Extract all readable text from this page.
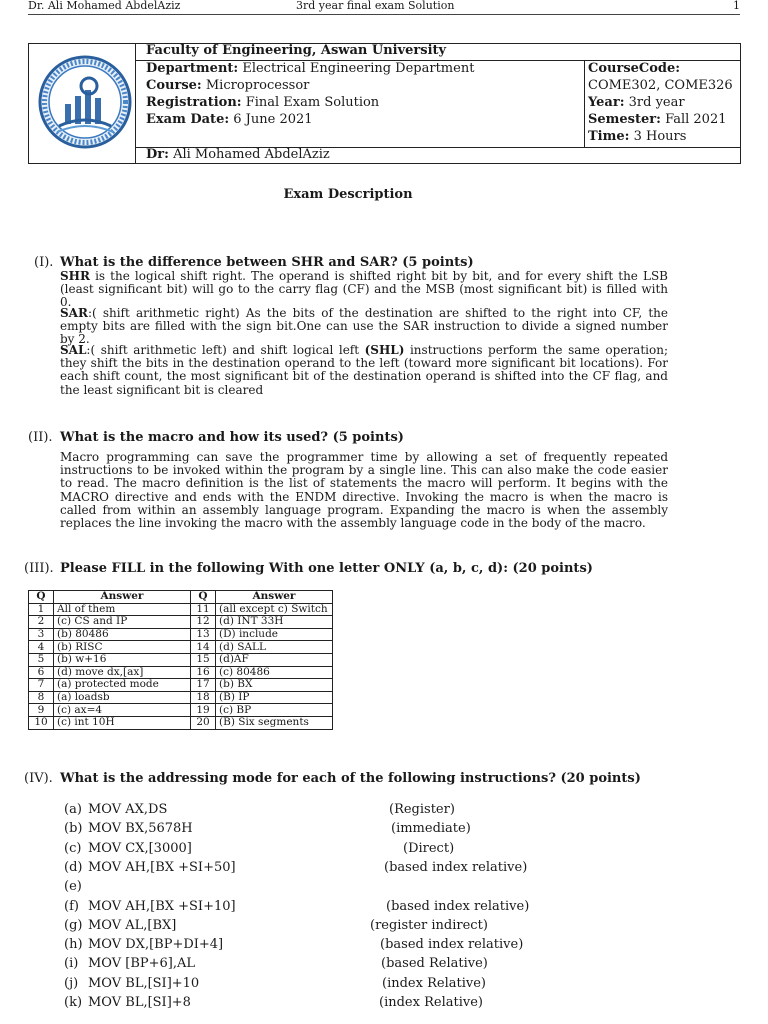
Dr. Ali Mohamed AbdelAziz	3rd year final exam Solution	1
Faculty of Engineering, Aswan University
Department: Electrical Engineering Department
Course: Microprocessor
Registration: Final Exam Solution
Exam Date: 6 June 2021
Dr: Ali Mohamed AbdelAziz
CourseCode:
COME302, COME326
Year: 3rd year
Semester: Fall 2021
Time: 3 Hours
Exam Description
(I). What is the difference between SHR and SAR? (5 points)
SHR is the logical shift right. The operand is shifted right bit by bit, and for every shift the LSB (least significant bit) will go to the carry flag (CF) and the MSB (most significant bit) is filled with 0.
SAR:( shift arithmetic right) As the bits of the destination are shifted to the right into CF, the empty bits are filled with the sign bit.One can use the SAR instruction to divide a signed number by 2.
SAL:( shift arithmetic left) and shift logical left (SHL) instructions perform the same operation; they shift the bits in the destination operand to the left (toward more significant bit locations). For each shift count, the most significant bit of the destination operand is shifted into the CF flag, and the least significant bit is cleared
(II). What is the macro and how its used? (5 points)
Macro programming can save the programmer time by allowing a set of frequently repeated instructions to be invoked within the program by a single line. This can also make the code easier to read. The macro definition is the list of statements the macro will perform. It begins with the MACRO directive and ends with the ENDM directive. Invoking the macro is when the macro is called from within an assembly language program. Expanding the macro is when the assembly replaces the line invoking the macro with the assembly language code in the body of the macro.
(III). Please FILL in the following With one letter ONLY (a, b, c, d): (20 points)
Q	Answer	Q	Answer
1	All of them	11	(all except c) Switch
2	(c) CS and IP	12	(d) INT 33H
3	(b) 80486	13	(D) include
4	(b) RISC	14	(d) SALL
5	(b) w+16	15	(d)AF
6	(d) move dx,[ax]	16	(c) 80486
7	(a) protected mode	17	(b) BX
8	(a) loadsb	18	(B) IP
9	(c) ax=4	19	(c) BP
10	(c) int 10H	20	(B) Six segments
(IV). What is the addressing mode for each of the following instructions? (20 points)
(a) MOV AX,DS	(Register)
(b) MOV BX,5678H	(immediate)
(c) MOV CX,[3000]	(Direct)
(d) MOV AH,[BX +SI+50]	(based index relative)
(e)
(f) MOV AH,[BX +SI+10]	(based index relative)
(g) MOV AL,[BX]	(register indirect)
(h) MOV DX,[BP+DI+4]	(based index relative)
(i) MOV [BP+6],AL	(based Relative)
(j) MOV BL,[SI]+10	(index Relative)
(k) MOV BL,[SI]+8	(index Relative)
